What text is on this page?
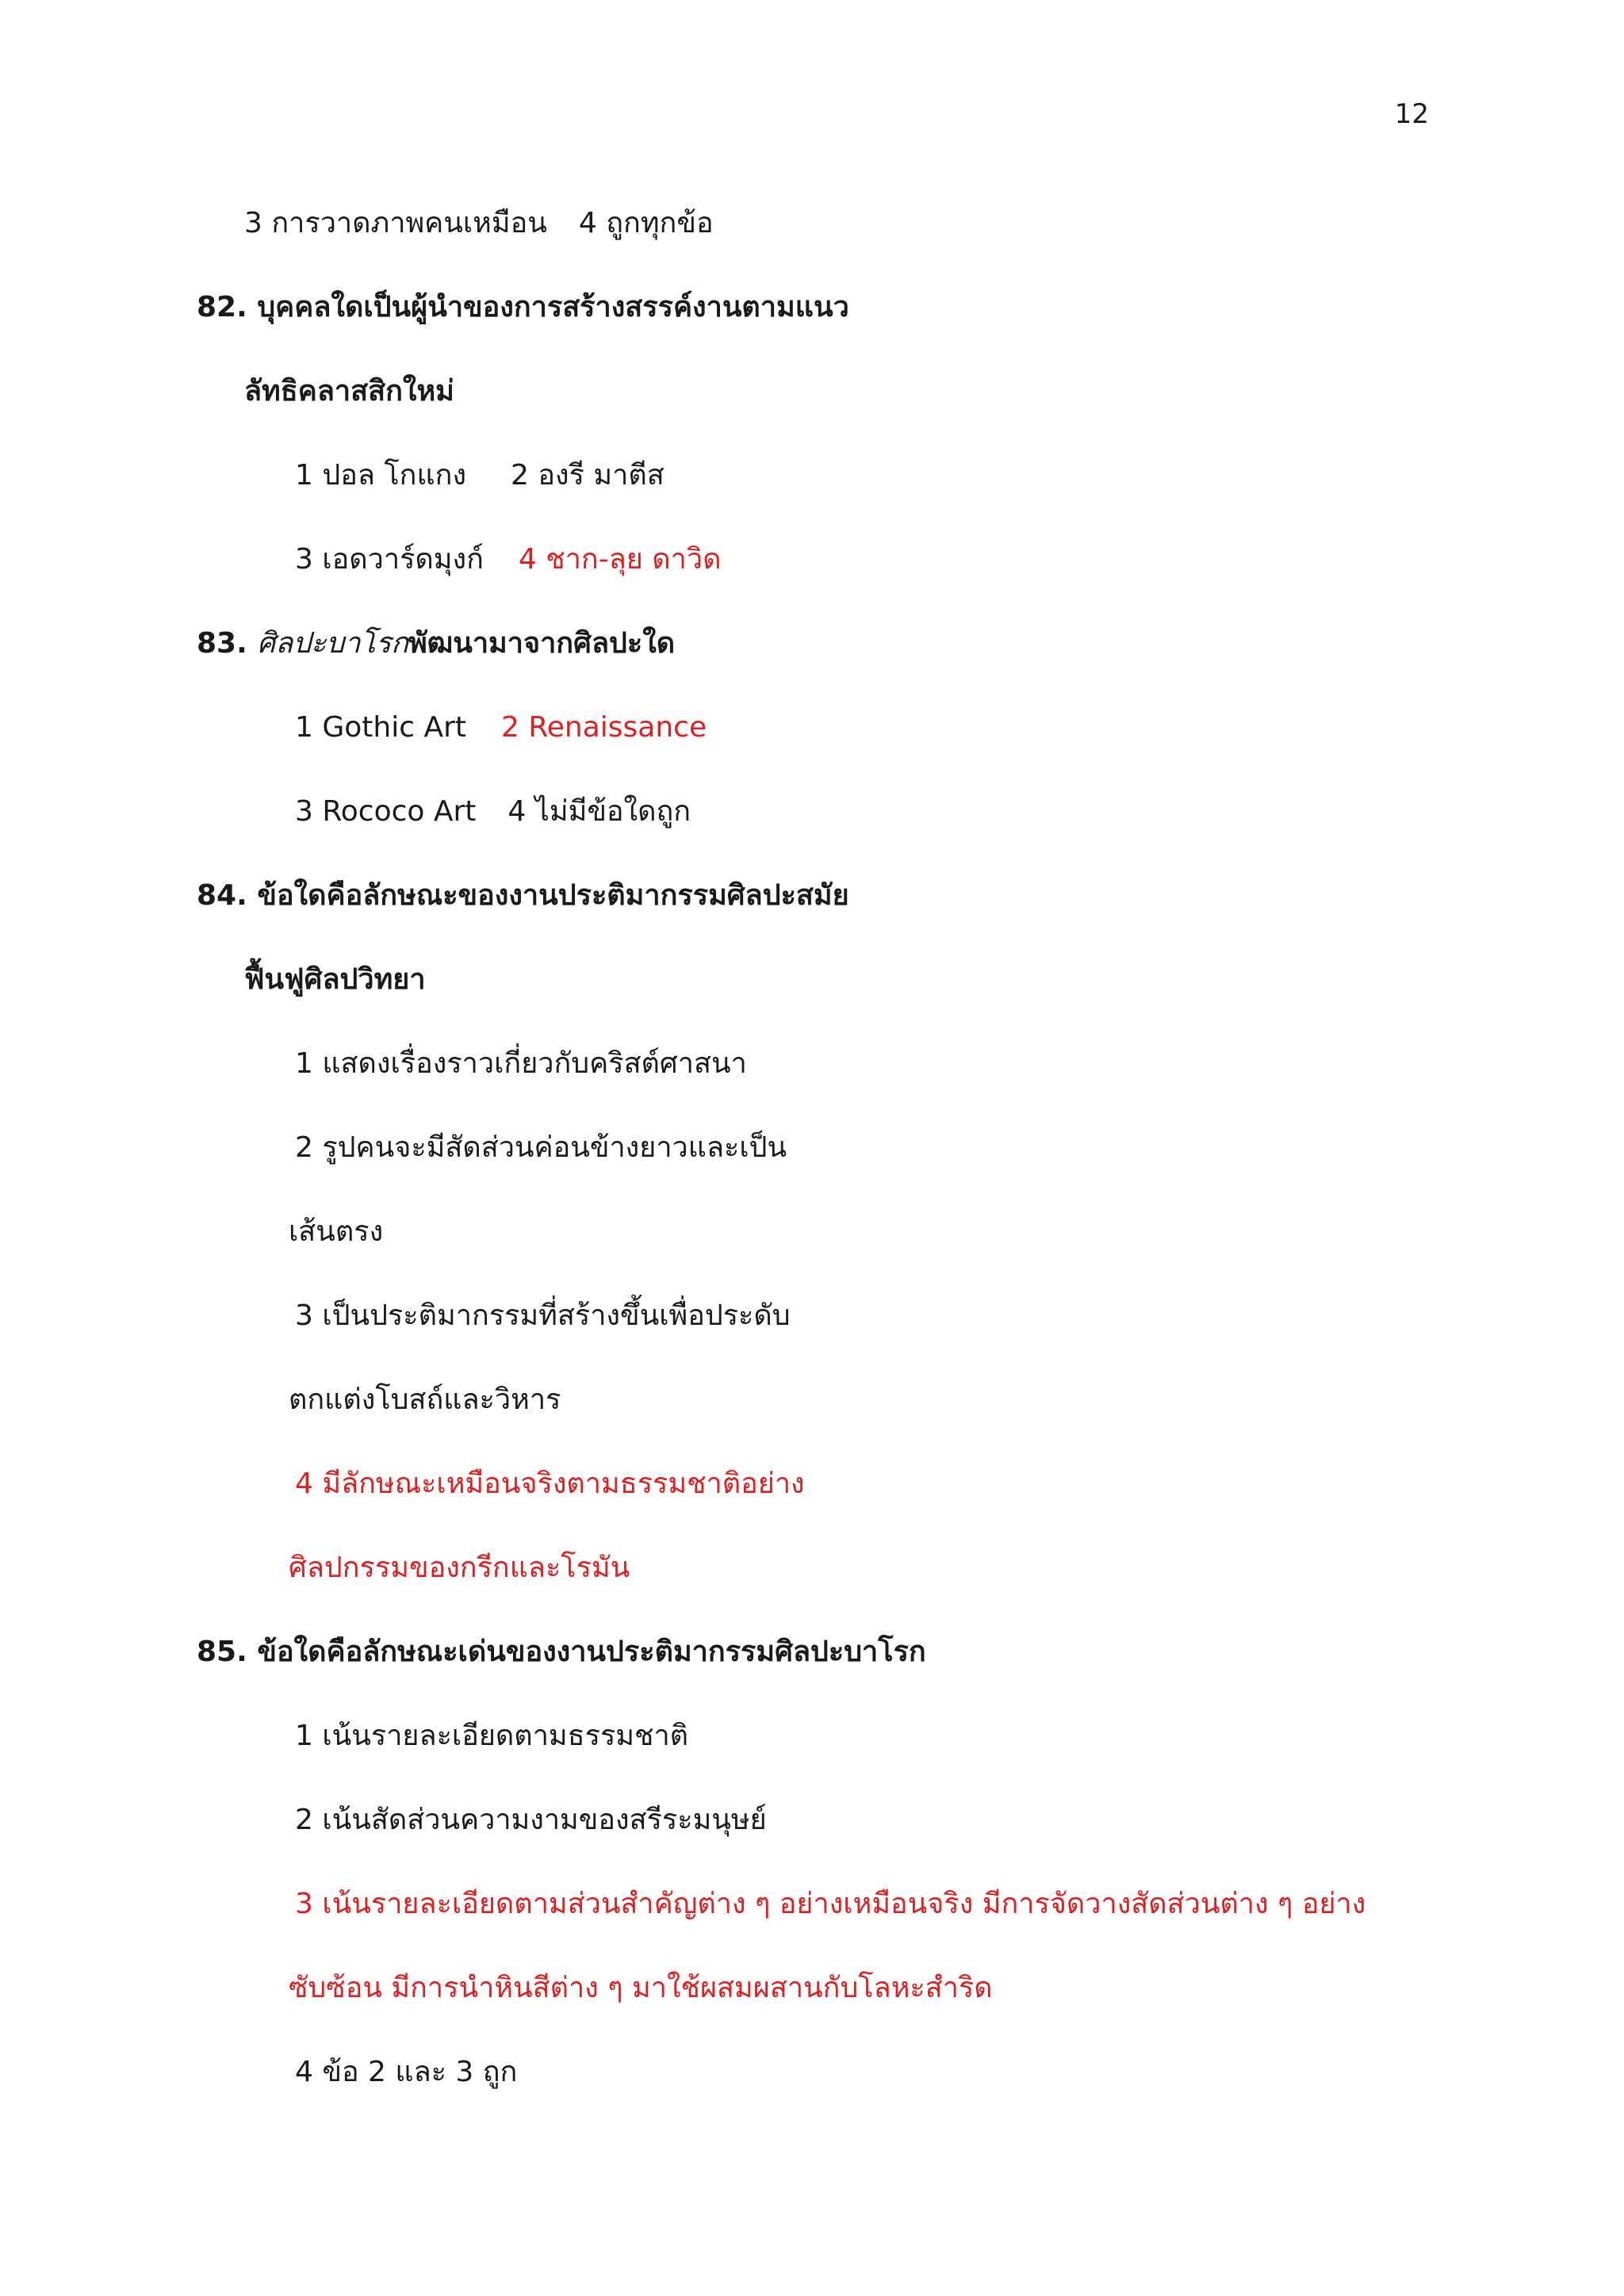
12
3 การวาดภาพคนเหมือน 4 ถูกทุกข้อ
82. บุคคลใดเป็นผู้นำของการสร้างสรรค์งานตามแนว
ลัทธิคลาสสิกใหม่
1 ปอล โกแกง 2 องรี มาตีส
3 เอดวาร์ดมุงก์ 4 ชาก-ลุย ดาวิด
83. ศิลปะบาโรกพัฒนามาจากศิลปะใด
1 Gothic Art 2 Renaissance
3 Rococo Art 4 ไม่มีข้อใดถูก
84. ข้อใดคือลักษณะของงานประติมากรรมศิลปะสมัย
ฟื้นฟูศิลปวิทยา
1 แสดงเรื่องราวเกี่ยวกับคริสต์ศาสนา
2 รูปคนจะมีสัดส่วนค่อนข้างยาวและเป็น
เส้นตรง
3 เป็นประติมากรรมที่สร้างขึ้นเพื่อประดับ
ตกแต่งโบสถ์และวิหาร
4 มีลักษณะเหมือนจริงตามธรรมชาติอย่าง
ศิลปกรรมของกรีกและโรมัน
85. ข้อใดคือลักษณะเด่นของงานประติมากรรมศิลปะบาโรก
1 เน้นรายละเอียดตามธรรมชาติ
2 เน้นสัดส่วนความงามของสรีระมนุษย์
3 เน้นรายละเอียดตามส่วนสำคัญต่าง ๆ อย่างเหมือนจริง มีการจัดวางสัดส่วนต่าง ๆ อย่าง
ซับซ้อน มีการนำหินสีต่าง ๆ มาใช้ผสมผสานกับโลหะสำริด
4 ข้อ 2 และ 3 ถูก
